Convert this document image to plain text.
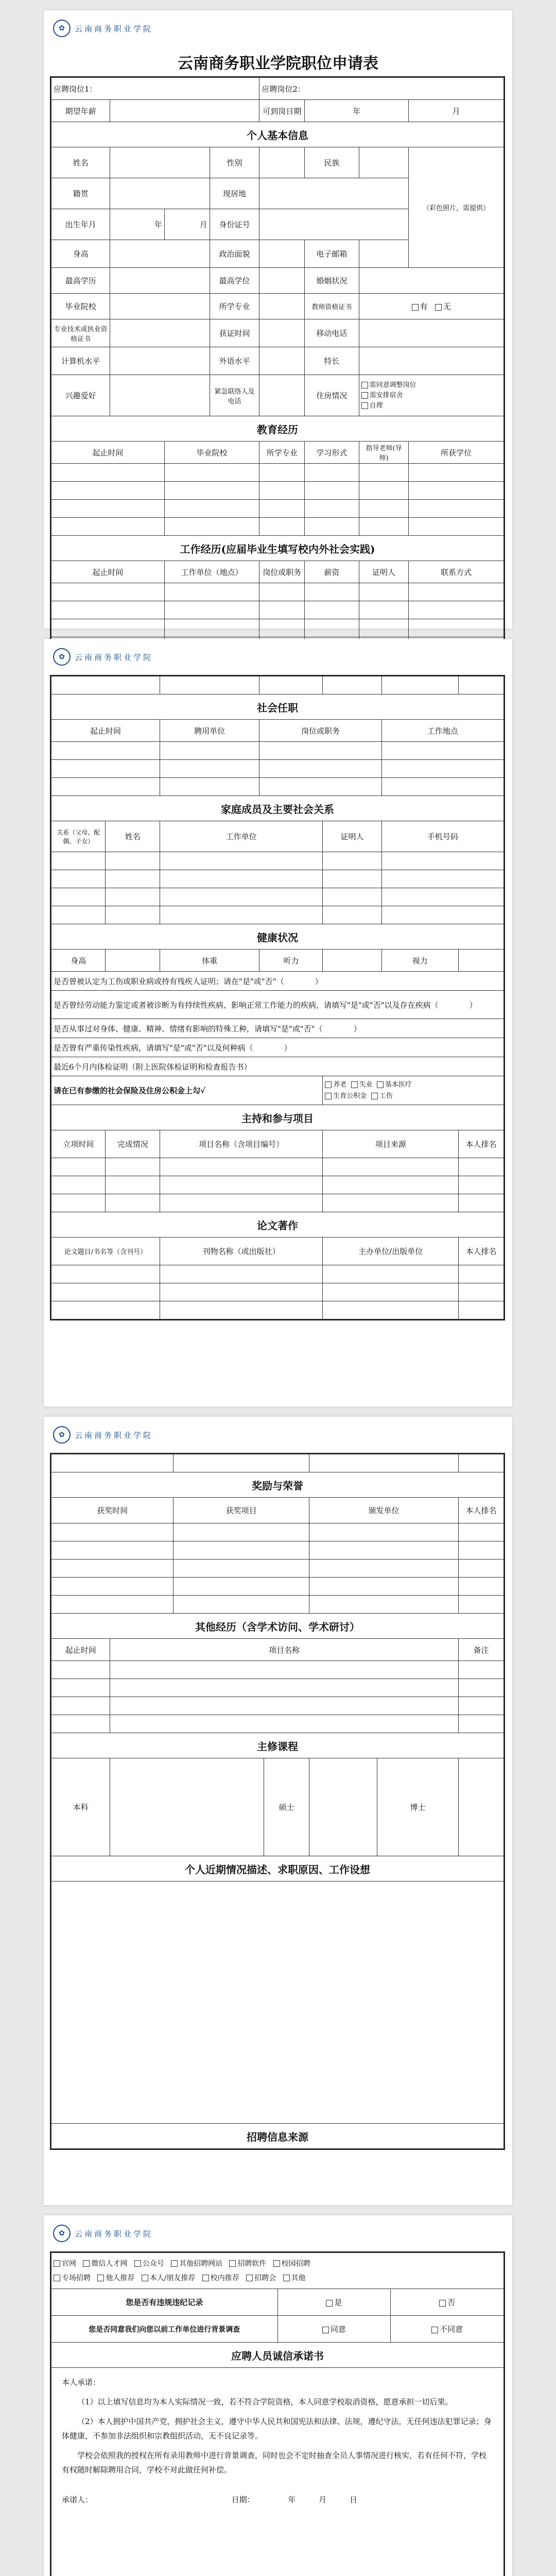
✿	云南商务职业学院
云南商务职业学院职位申请表
应聘岗位1：				应聘岗位2：			
期望年薪				可到岗日期	年		月
个人基本信息							
姓名			性别		民族		（彩色照片，需提供）
籍贯			现居地				
出生年月	年	月	身份证号				
身高			政治面貌		电子邮箱		
最高学历			最高学位		婚姻状况		
毕业院校			所学专业		教师资格证书	有 无	
专业技术或执业资格证书			获证时间		移动电话		
计算机水平			外语水平		特长		
兴趣爱好			紧急联络人及电话		住房情况	需同意调整岗位
需安排宿舍
自理	
教育经历							
起止时间		毕业院校		所学专业	学习形式	指导老师(导师)	所获学位

工作经历(应届毕业生填写校内外社会实践)							
起止时间		工作单位（地点）		岗位或职务	薪资	证明人	联系方式

✿	云南商务职业学院

社会任职						
起止时间		聘用单位	岗位或职务		工作地点	

家庭成员及主要社会关系						
关系（父母、配偶、子女）	姓名	工作单位		证明人	手机号码	

健康状况						
身高		体重	听力		视力	
是否曾被认定为工伤或职业病或持有残疾人证明；请在"是"或"否"（　　　　）						
是否曾经劳动能力鉴定或者被诊断为有持续性疾病、影响正常工作能力的疾病，请填写"是"或"否"以及存在疾病（　　　　）						
是否从事过对身体、健康、精神、情绪有影响的特殊工种，请填写"是"或"否"（　　　　）						
是否曾有严重传染性疾病，请填写"是"或"否"以及何种病（　　　　）						
最近6个月内体检证明（附上医院体检证明和检查报告书）						
请在已有参缴的社会保险及住房公积金上勾√				养老 失业 基本医疗
生育公积金 工伤		
主持和参与项目						
立项时间	完成情况	项目名称（含项目编号）		项目来源		本人排名

论文著作						
论文题目/书名等（含刊号）		刊物名称（或出版社）		主办单位/出版单位		本人排名

✿	云南商务职业学院

奖励与荣誉						
获奖时间		获奖项目		颁发单位		本人排名

其他经历（含学术访问、学术研讨）						
起止时间	项目名称					备注

主修课程						
本科			硕士		博士	
个人近期情况描述、求职原因、工作设想						

招聘信息来源						
✿	云南商务职业学院
官网 微信人才网 公众号 其他招聘网站 招聘软件 校园招聘
专场招聘 他人推荐 本人/朋友推荐 校内推荐 招聘会 其他		
您是否有违规违纪记录	是	否
您是否同意我们向您以前工作单位进行背景调查	同意	不同意
应聘人员诚信承诺书		

本人承诺：

（1）以上填写信息均为本人实际情况一致，若不符合学院资格，本人同意学校取消资格，愿意承担一切后果。

（2）本人拥护中国共产党，拥护社会主义，遵守中华人民共和国宪法和法律、法规，遵纪守法，无任何违法犯罪记录；身体健康，不参加非法组织和宗教组织活动，无不良记录等。

学校会依照我的授权在所有录用教师中进行背景调查，同时也会不定时抽查全员人事情况进行核实，若有任何不符，学校有权随时解除聘用合同，学校不对此做任何补偿。

承诺人： 日期： 年 月 日		
